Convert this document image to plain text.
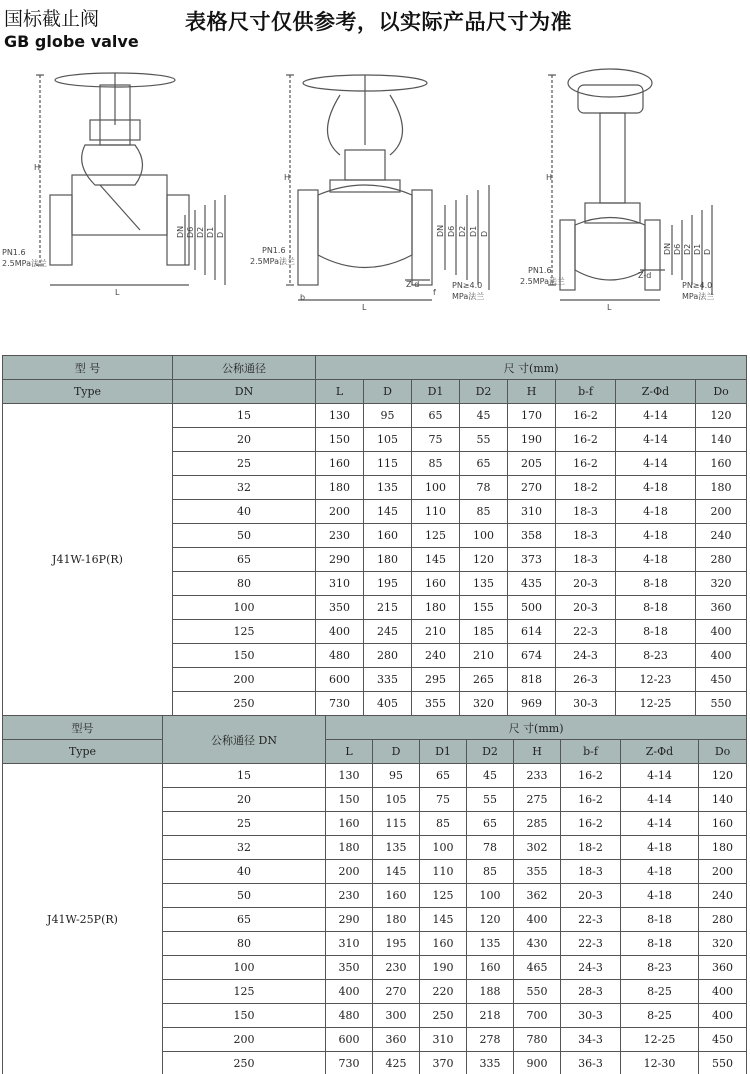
国标截止阀
GB globe valve
表格尺寸仅供参考，以实际产品尺寸为准
H
L
DN D6 D2 D1 D
PN1.6
2.5MPa法兰
H
L
Z-d
DN D6 D2 D1 D
PN1.6
2.5MPa法兰
PN≥4.0
MPa法兰
b
f
H
L
Z-d
DN D6 D2 D1 D
PN1.6
2.5MPa法兰	PN≥4.0
MPa法兰
型 号	公称通径	尺 寸(mm)							
Type	DN	L	D	D1	D2	H	b-f	Z-Φd	Do
J41W-16P(R)	15	130	95	65	45	170	16-2	4-14	120
	20	150	105	75	55	190	16-2	4-14	140
	25	160	115	85	65	205	16-2	4-14	160
	32	180	135	100	78	270	18-2	4-18	180
	40	200	145	110	85	310	18-3	4-18	200
	50	230	160	125	100	358	18-3	4-18	240
	65	290	180	145	120	373	18-3	4-18	280
	80	310	195	160	135	435	20-3	8-18	320
	100	350	215	180	155	500	20-3	8-18	360
	125	400	245	210	185	614	22-3	8-18	400
	150	480	280	240	210	674	24-3	8-23	400
	200	600	335	295	265	818	26-3	12-23	450
	250	730	405	355	320	969	30-3	12-25	550
型号	公称通径 DN	尺 寸(mm)							
Type		L	D	D1	D2	H	b-f	Z-Φd	Do
J41W-25P(R)	15	130	95	65	45	233	16-2	4-14	120
	20	150	105	75	55	275	16-2	4-14	140
	25	160	115	85	65	285	16-2	4-14	160
	32	180	135	100	78	302	18-2	4-18	180
	40	200	145	110	85	355	18-3	4-18	200
	50	230	160	125	100	362	20-3	4-18	240
	65	290	180	145	120	400	22-3	8-18	280
	80	310	195	160	135	430	22-3	8-18	320
	100	350	230	190	160	465	24-3	8-23	360
	125	400	270	220	188	550	28-3	8-25	400
	150	480	300	250	218	700	30-3	8-25	400
	200	600	360	310	278	780	34-3	12-25	450
	250	730	425	370	335	900	36-3	12-30	550
